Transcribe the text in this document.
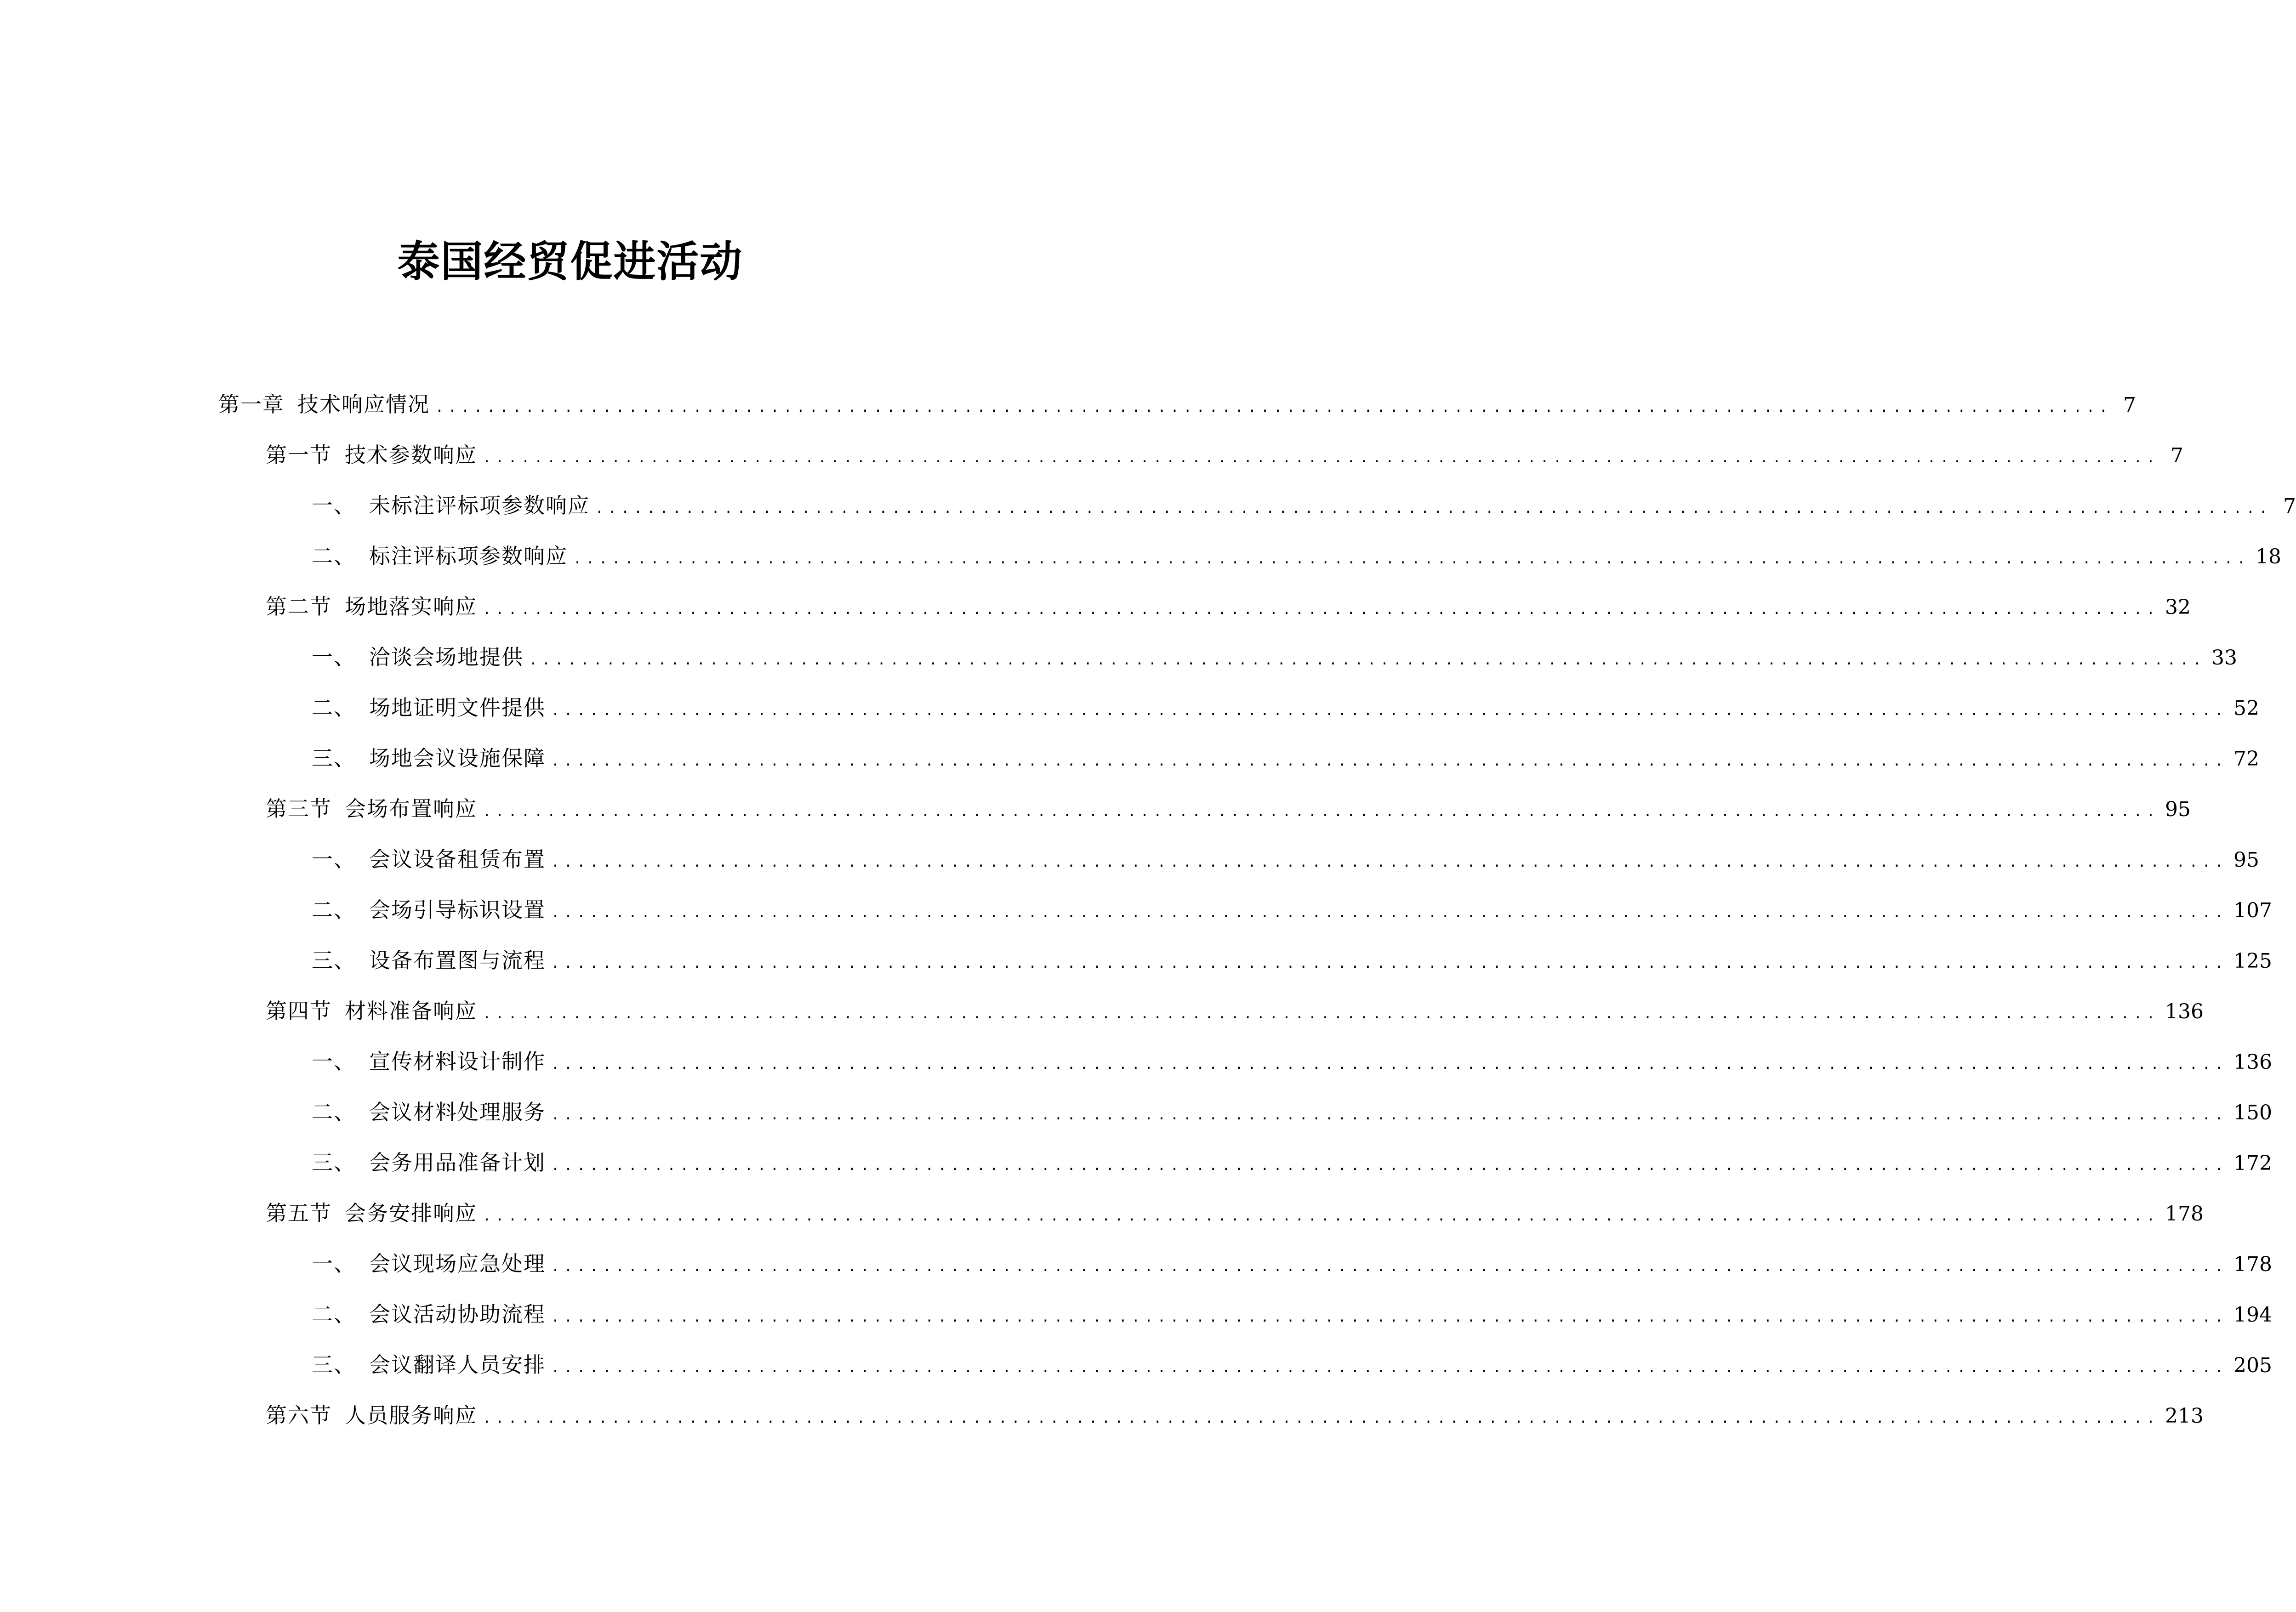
泰国经贸促进活动
第一章 技术响应情况 .................................................................................................................................. 7
第一节 技术参数响应 .................................................................................................................................. 7
一、 未标注评标项参数响应 .................................................................................................................................. 7
二、 标注评标项参数响应 .................................................................................................................................. 18
第二节 场地落实响应 .................................................................................................................................. 32
一、 洽谈会场地提供 .................................................................................................................................. 33
二、 场地证明文件提供 .................................................................................................................................. 52
三、 场地会议设施保障 .................................................................................................................................. 72
第三节 会场布置响应 .................................................................................................................................. 95
一、 会议设备租赁布置 .................................................................................................................................. 95
二、 会场引导标识设置 .................................................................................................................................. 107
三、 设备布置图与流程 .................................................................................................................................. 125
第四节 材料准备响应 .................................................................................................................................. 136
一、 宣传材料设计制作 .................................................................................................................................. 136
二、 会议材料处理服务 .................................................................................................................................. 150
三、 会务用品准备计划 .................................................................................................................................. 172
第五节 会务安排响应 .................................................................................................................................. 178
一、 会议现场应急处理 .................................................................................................................................. 178
二、 会议活动协助流程 .................................................................................................................................. 194
三、 会议翻译人员安排 .................................................................................................................................. 205
第六节 人员服务响应 .................................................................................................................................. 213
